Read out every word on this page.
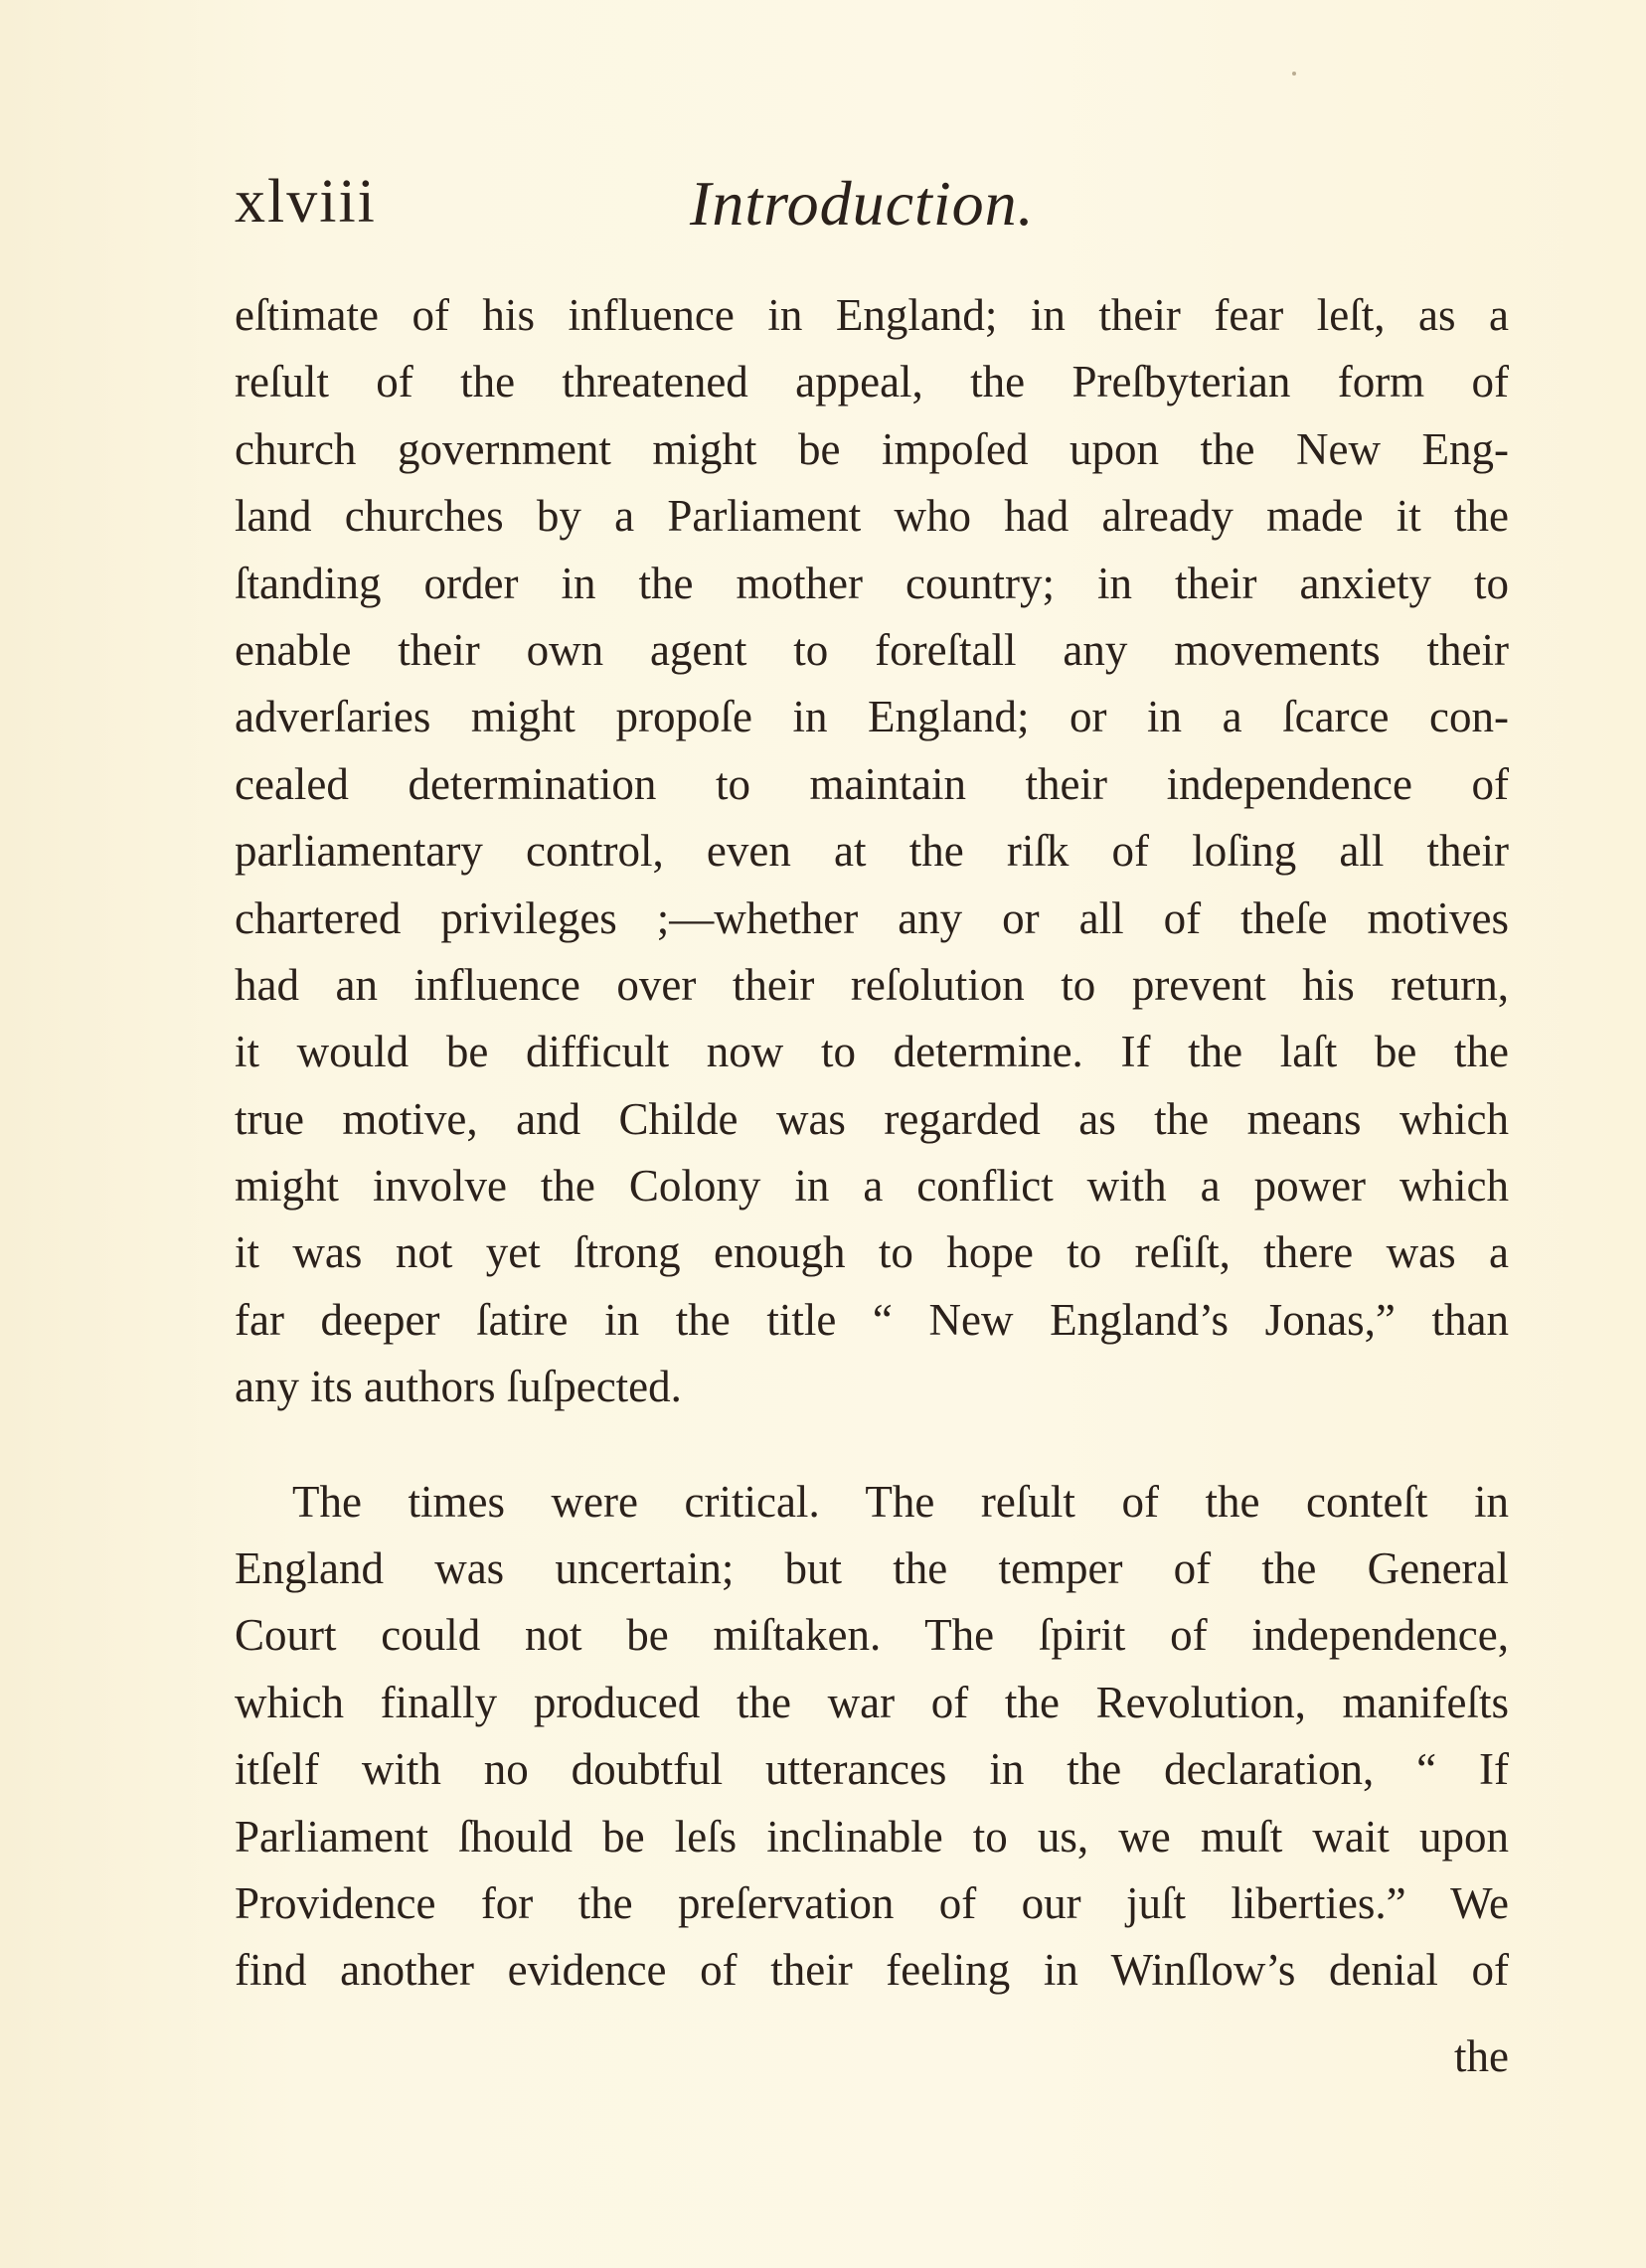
xlviii	Introduction.
eſtimate of his influence in England; in their fear leſt, as a
reſult of the threatened appeal, the Preſbyterian form of
church government might be impoſed upon the New Eng-
land churches by a Parliament who had already made it the
ſtanding order in the mother country; in their anxiety to
enable their own agent to foreſtall any movements their
adverſaries might propoſe in England; or in a ſcarce con-
cealed determination to maintain their independence of
parliamentary control, even at the riſk of loſing all their
chartered privileges ;—whether any or all of theſe motives
had an influence over their reſolution to prevent his return,
it would be difficult now to determine. If the laſt be the
true motive, and Childe was regarded as the means which
might involve the Colony in a conflict with a power which
it was not yet ſtrong enough to hope to reſiſt, there was a
far deeper ſatire in the title “ New England’s Jonas,” than
any its authors ſuſpected.
The times were critical. The reſult of the conteſt in
England was uncertain; but the temper of the General
Court could not be miſtaken. The ſpirit of independence,
which finally produced the war of the Revolution, manifeſts
itſelf with no doubtful utterances in the declaration, “ If
Parliament ſhould be leſs inclinable to us, we muſt wait upon
Providence for the preſervation of our juſt liberties.” We
find another evidence of their feeling in Winſlow’s denial of
the
